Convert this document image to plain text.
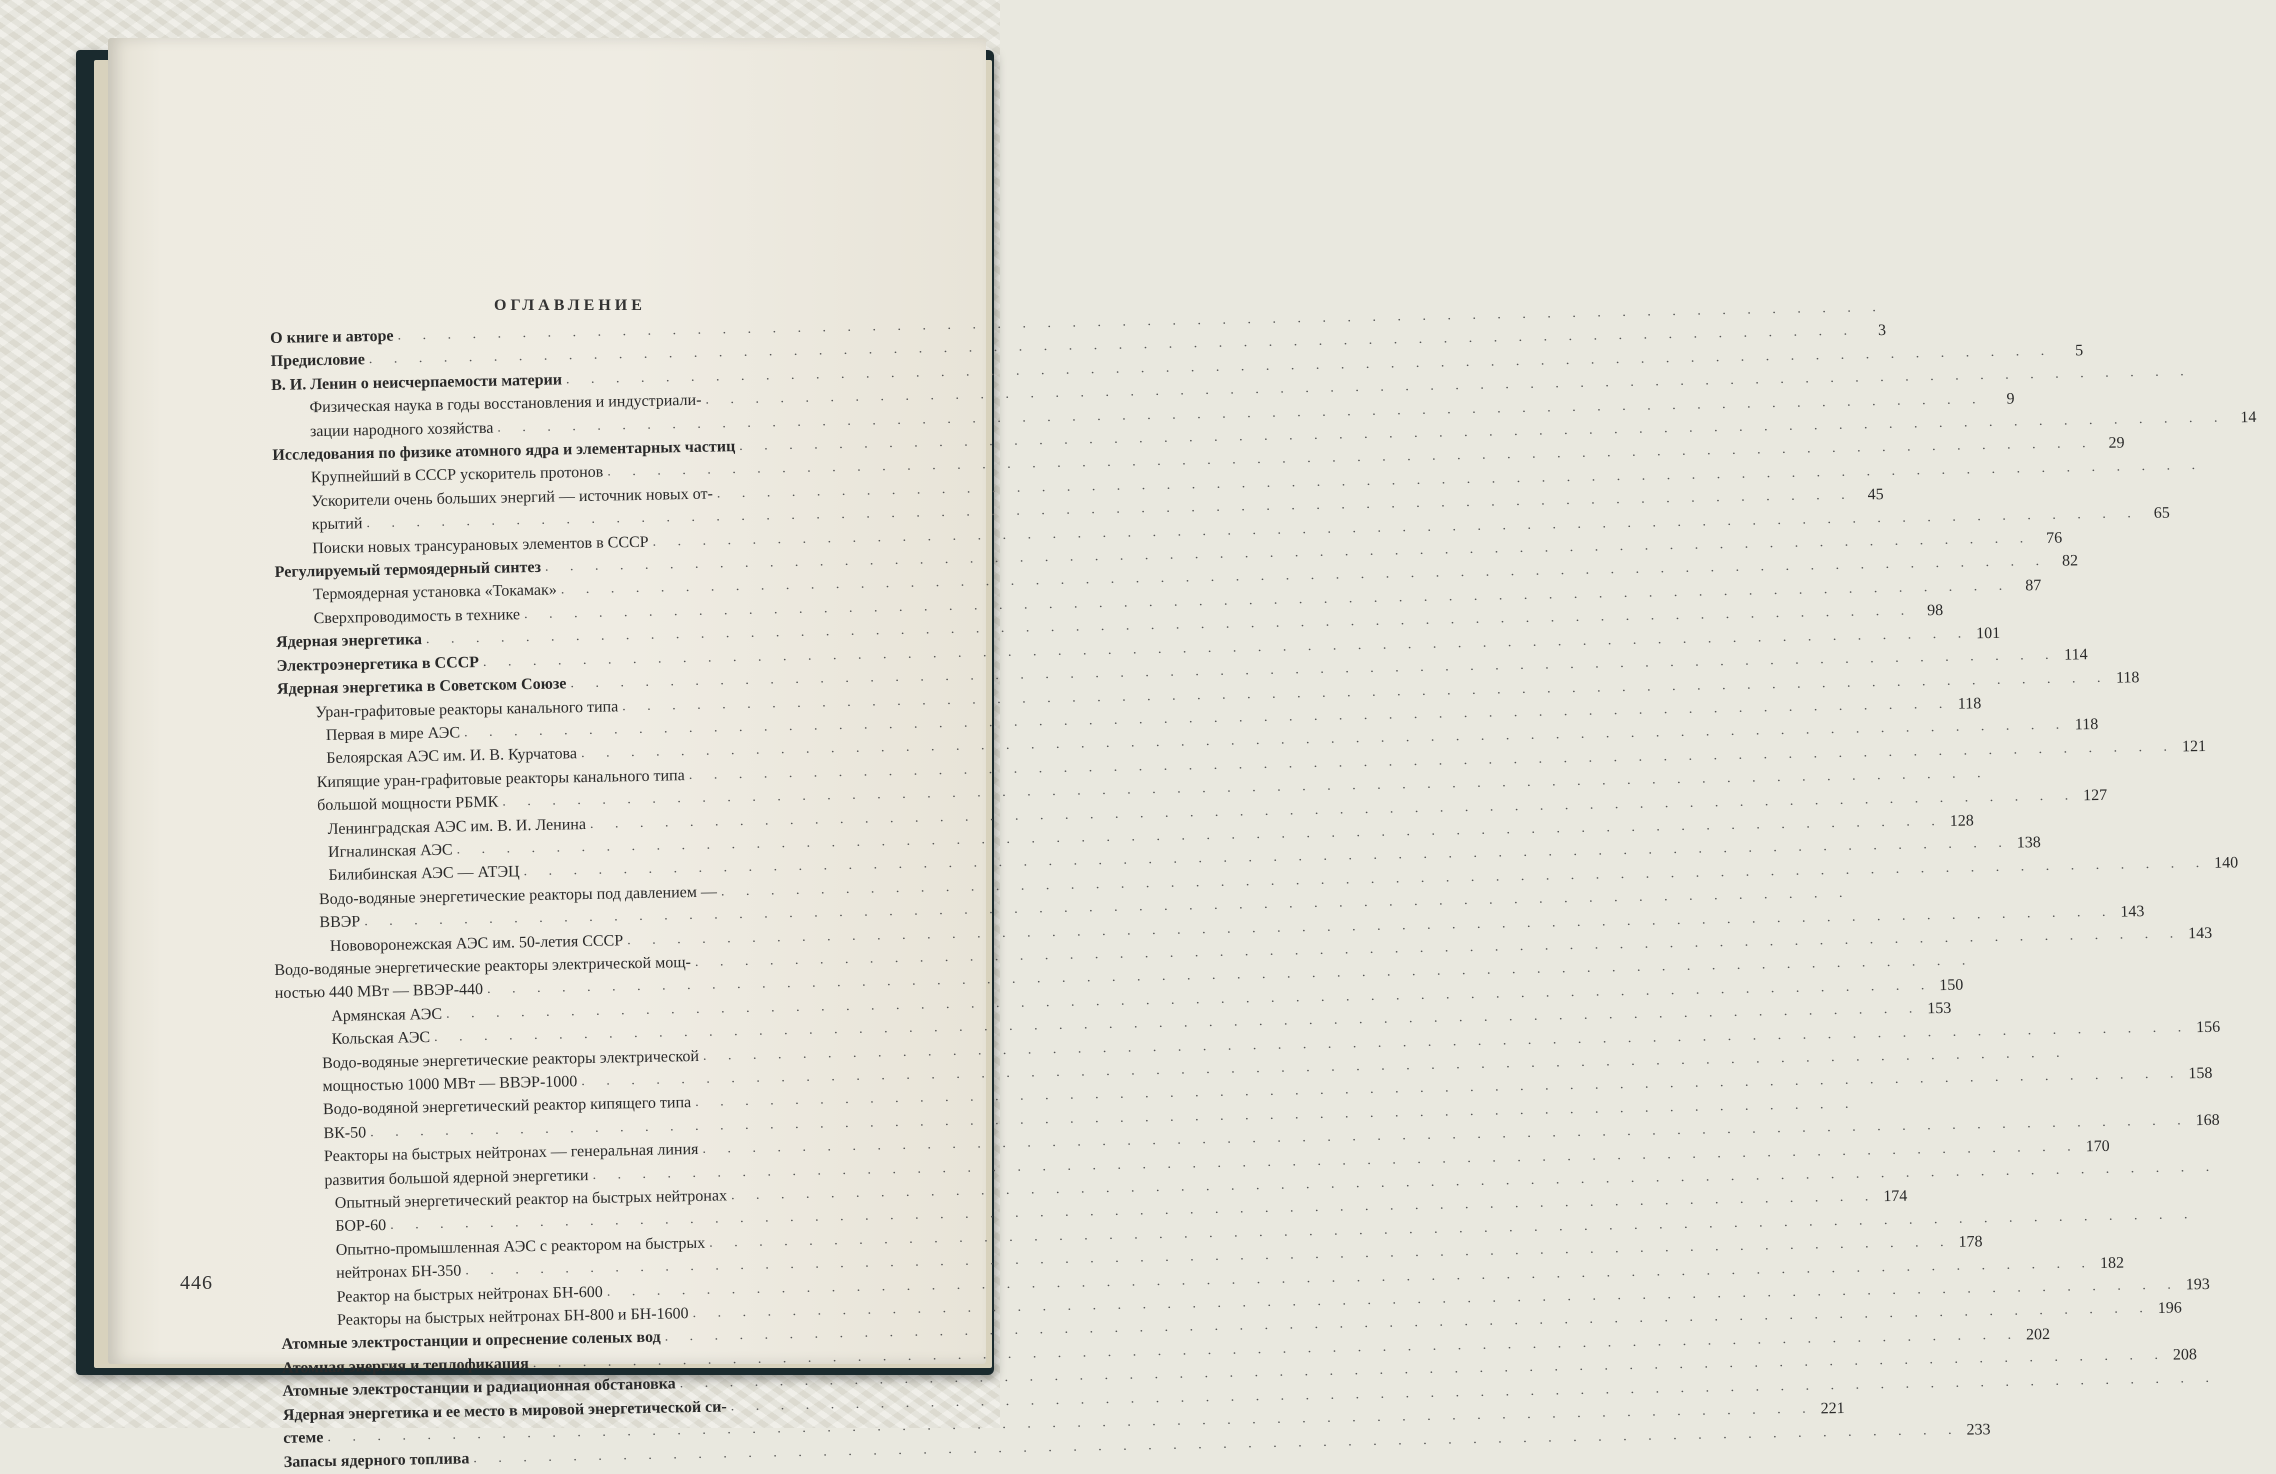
ОГЛАВЛЕНИЕ
О книге и авторе
. . .
Предисловие
. . .
3
В. И. Ленин о неисчерпаемости материи
. . .
5
Физическая наука в годы восстановления и индустриали-
. . .
зации народного хозяйства
. . .
9
Исследования по физике атомного ядра и элементарных частиц
. . .
14
Крупнейший в СССР ускоритель протонов
. . .
29
Ускорители очень больших энергий — источник новых от-
. . .
крытий
. . .
45
Поиски новых трансурановых элементов в СССР
. . .
65
Регулируемый термоядерный синтез
. . .
76
Термоядерная установка «Токамак»
. . .
82
Сверхпроводимость в технике
. . .
87
Ядерная энергетика
. . .
98
Электроэнергетика в СССР
. . .
101
Ядерная энергетика в Советском Союзе
. . .
114
Уран-графитовые реакторы канального типа
. . .
118
Первая в мире АЭС
. . .
118
Белоярская АЭС им. И. В. Курчатова
. . .
118
Кипящие уран-графитовые реакторы канального типа
. . .
121
большой мощности РБМК
. . .
Ленинградская АЭС им. В. И. Ленина
. . .
127
Игналинская АЭС
. . .
128
Билибинская АЭС — АТЭЦ
. . .
138
Водо-водяные энергетические реакторы под давлением —
. . .
140
ВВЭР
. . .
Нововоронежская АЭС им. 50-летия СССР
. . .
143
Водо-водяные энергетические реакторы электрической мощ-
. . .
143
ностью 440 МВт — ВВЭР-440
. . .
Армянская АЭС
. . .
150
Кольская АЭС
. . .
153
Водо-водяные энергетические реакторы электрической
. . .
156
мощностью 1000 МВт — ВВЭР-1000
. . .
Водо-водяной энергетический реактор кипящего типа
. . .
158
ВК-50
. . .
Реакторы на быстрых нейтронах — генеральная линия
. . .
168
развития большой ядерной энергетики
. . .
170
Опытный энергетический реактор на быстрых нейтронах
. . .
БОР-60
. . .
174
Опытно-промышленная АЭС с реактором на быстрых
. . .
нейтронах БН-350
. . .
178
Реактор на быстрых нейтронах БН-600
. . .
182
Реакторы на быстрых нейтронах БН-800 и БН-1600
. . .
193
Атомные электростанции и опреснение соленых вод
. . .
196
Атомная энергия и теплофикация
. . .
202
Атомные электростанции и радиационная обстановка
. . .
208
Ядерная энергетика и ее место в мировой энергетической си-
. . .
стеме
. . .
221
Запасы ядерного топлива
. . .
233
446
